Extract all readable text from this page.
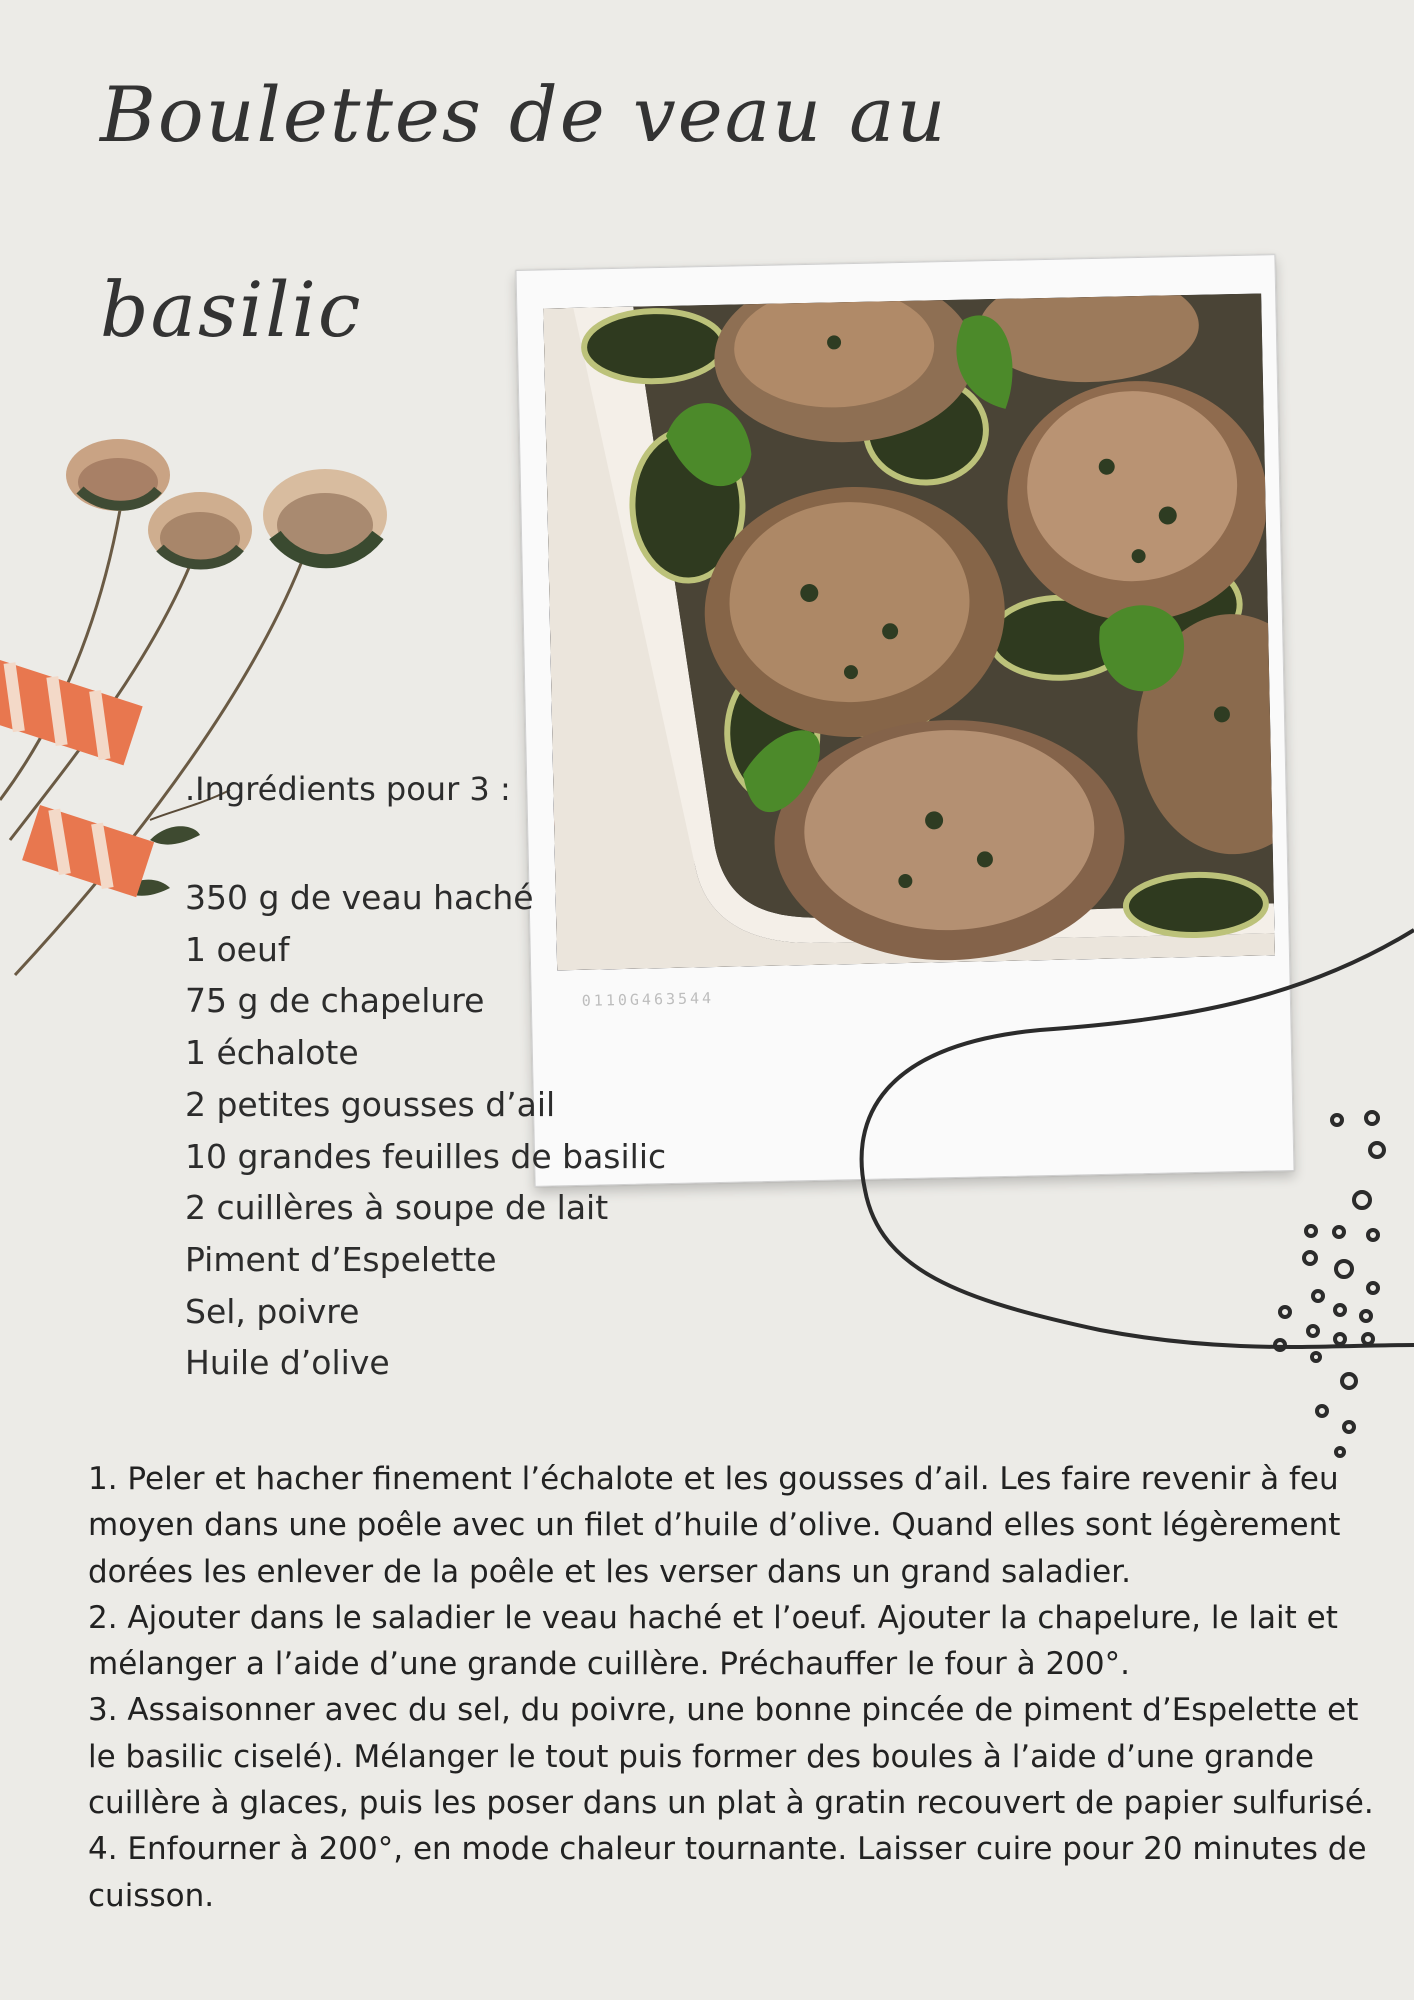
Boulettes de veau au
basilic
0110G463544
.Ingrédients pour 3 :
350 g de veau haché
1 oeuf
75 g de chapelure
1 échalote
2 petites gousses d’ail
10 grandes feuilles de basilic
2 cuillères à soupe de lait
Piment d’Espelette
Sel, poivre
Huile d’olive

1. Peler et hacher finement l’échalote et les gousses d’ail. Les faire revenir à feu moyen dans une poêle avec un filet d’huile d’olive. Quand elles sont légèrement dorées les enlever de la poêle et les verser dans un grand saladier.

2. Ajouter dans le saladier le veau haché et l’oeuf. Ajouter la chapelure, le lait et mélanger a l’aide d’une grande cuillère. Préchauffer le four à 200°.

3. Assaisonner avec du sel, du poivre, une bonne pincée de piment d’Espelette et le basilic ciselé). Mélanger le tout puis former des boules à l’aide d’une grande cuillère à glaces, puis les poser dans un plat à gratin recouvert de papier sulfurisé.

4. Enfourner à 200°, en mode chaleur tournante. Laisser cuire pour 20 minutes de cuisson.
